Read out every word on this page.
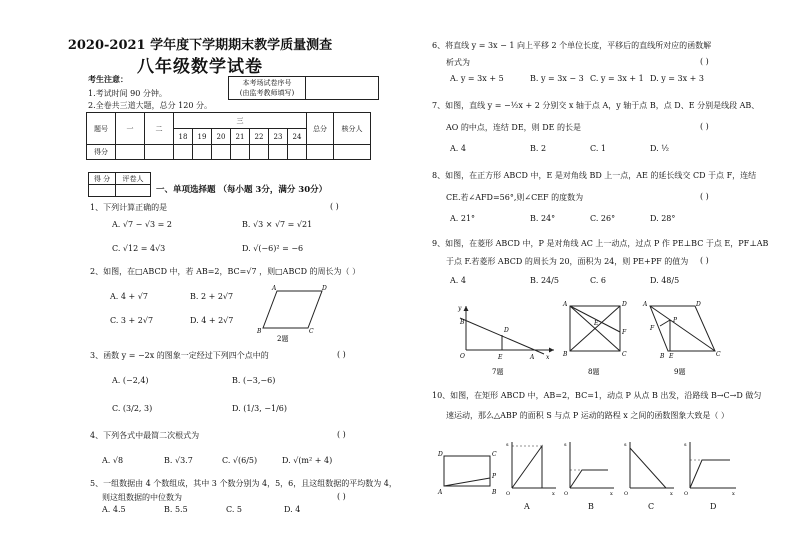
2020-2021 学年度下学期期末教学质量测查
八年级数学试卷
考生注意：
1.考试时间 90 分钟。
2.全卷共三道大题，总分 120 分。
本考场试卷序号
(由监考教师填写)

题号	一	二	三							总分	核分人
			18	19	20	21	22	23	24		
得分											
得 分	评卷人

一、单项选择题 （每小题 3分，满分 30分）
1、下列计算正确的是	( )
A. √7 − √3 = 2	B. √3 × √7 = √21
C. √12 = 4√3	D. √(−6)² = −6
2、如图，在□ABCD 中，若 AB=2，BC=√7 ，则□ABCD 的周长为（ ）
A. 4 + √7	B. 2 + 2√7
C. 3 + 2√7	D. 4 + 2√7
A	D
B	C
2题
3、函数 y = −2x 的图象一定经过下列四个点中的	( )
A. (−2,4)	B. (−3,−6)
C. (3/2, 3)	D. (1/3, −1/6)
4、下列各式中最简二次根式为	( )
A. √8	B. √3.7	C. √(6/5)	D. √(m² + 4)
5、一组数据由 4 个数组成，其中 3 个数分别为 4，5，6，且这组数据的平均数为 4，
则这组数据的中位数为	( )
A. 4.5	B. 5.5	C. 5	D. 4
6、将直线 y = 3x − 1 向上平移 2 个单位长度，平移后的直线所对应的函数解
析式为	( )
A. y = 3x + 5	B. y = 3x − 3 C. y = 3x + 1 D. y = 3x + 3
7、如图，直线 y = −½x + 2 分别交 x 轴于点 A，y 轴于点 B，点 D、E 分别是线段 AB、
AO 的中点，连结 DE，则 DE 的长是	( )
A. 4	B. 2	C. 1	D. ½
8、如图，在正方形 ABCD 中，E 是对角线 BD 上一点，AE 的延长线交 CD 于点 F，连结
CE.若∠AFD=56°,则∠CEF 的度数为	( )
A. 21°	B. 24°	C. 26°	D. 28°
9、如图，在菱形 ABCD 中，P 是对角线 AC 上一动点，过点 P 作 PE⊥BC 于点 E，PF⊥AB
于点 F.若菱形 ABCD 的周长为 20，面积为 24，则 PE+PF 的值为 ( )
A. 4	B. 24/5	C. 6	D. 48/5
y
B
D
O	E	A x
7题
A	D
B	C
E
F
8题
A	D
F
P
B E	C
9题
10、如图，在矩形 ABCD 中，AB=2，BC=1，动点 P 从点 B 出发，沿路线 B→C→D 做匀
速运动，那么△ABP 的面积 S 与点 P 运动的路程 x 之间的函数图象大致是（ ）
D	C
P
A	B
s
O	x
A
s
O	x
B
s
O	x
C
s
O	x
D
